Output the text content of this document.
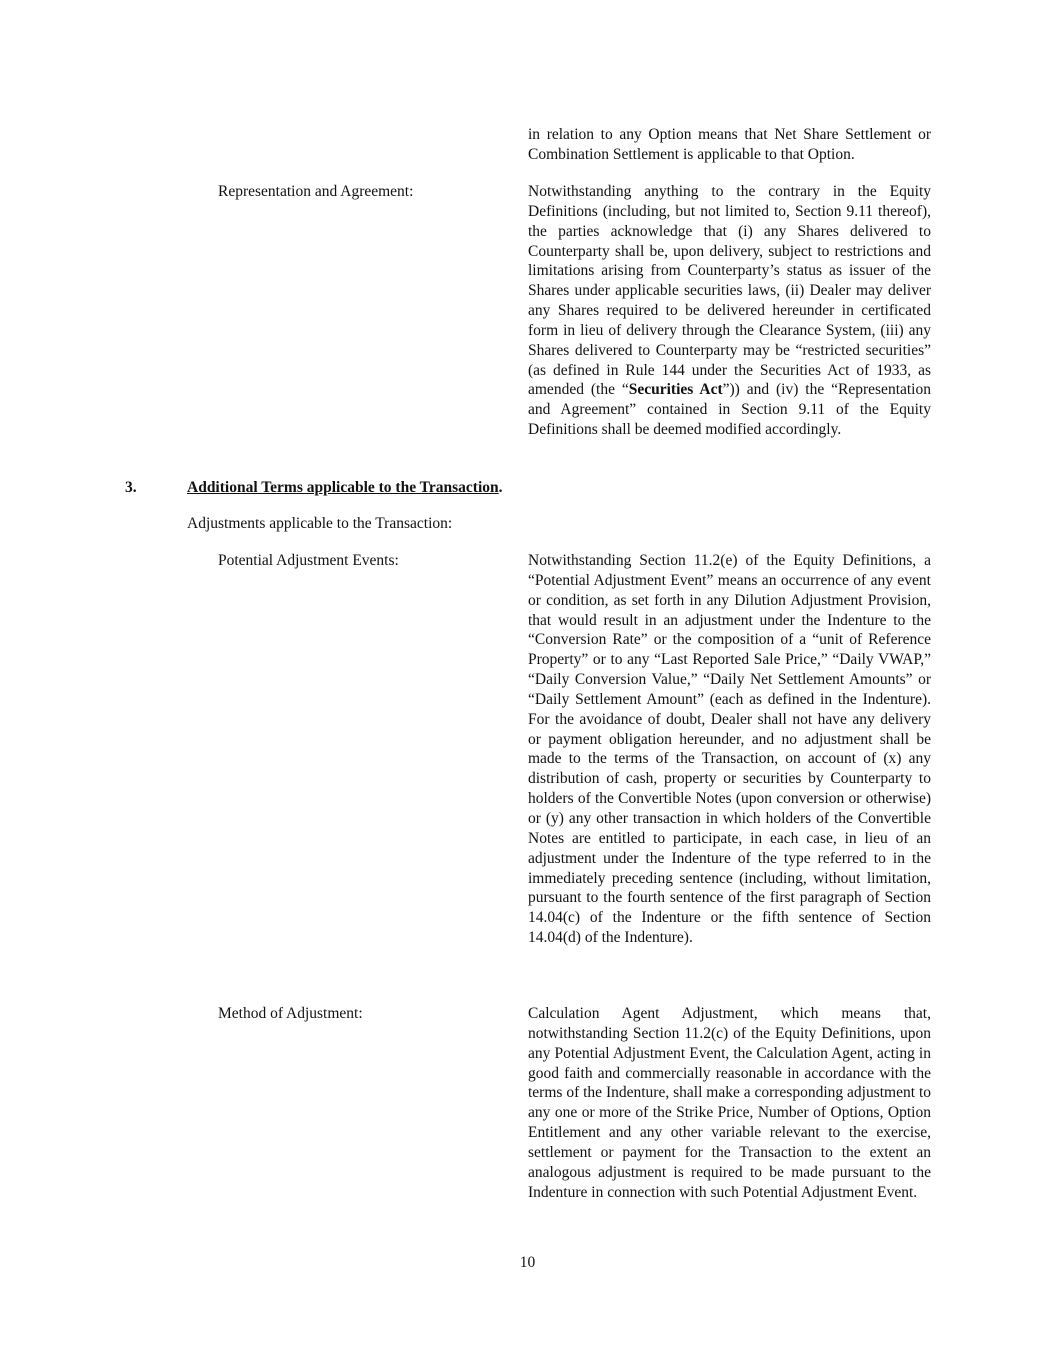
in relation to any Option means that Net Share Settlement or Combination Settlement is applicable to that Option.

Representation and Agreement:	Notwithstanding anything to the contrary in the Equity Definitions (including, but not limited to, Section 9.11 thereof), the parties acknowledge that (i) any Shares delivered to Counterparty shall be, upon delivery, subject to restrictions and limitations arising from Counterparty’s status as issuer of the Shares under applicable securities laws, (ii) Dealer may deliver any Shares required to be delivered hereunder in certificated form in lieu of delivery through the Clearance System, (iii) any Shares delivered to Counterparty may be “restricted securities” (as defined in Rule 144 under the Securities Act of 1933, as amended (the “Securities Act”)) and (iv) the “Representation and Agreement” contained in Section 9.11 of the Equity Definitions shall be deemed modified accordingly.

3.	Additional Terms applicable to the Transaction.

Adjustments applicable to the Transaction:

Potential Adjustment Events:	Notwithstanding Section 11.2(e) of the Equity Definitions, a “Potential Adjustment Event” means an occurrence of any event or condition, as set forth in any Dilution Adjustment Provision, that would result in an adjustment under the Indenture to the “Conversion Rate” or the composition of a “unit of Reference Property” or to any “Last Reported Sale Price,” “Daily VWAP,” “Daily Conversion Value,” “Daily Net Settlement Amounts” or “Daily Settlement Amount” (each as defined in the Indenture). For the avoidance of doubt, Dealer shall not have any delivery or payment obligation hereunder, and no adjustment shall be made to the terms of the Transaction, on account of (x) any distribution of cash, property or securities by Counterparty to holders of the Convertible Notes (upon conversion or otherwise) or (y) any other transaction in which holders of the Convertible Notes are entitled to participate, in each case, in lieu of an adjustment under the Indenture of the type referred to in the immediately preceding sentence (including, without limitation, pursuant to the fourth sentence of the first paragraph of Section 14.04(c) of the Indenture or the fifth sentence of Section 14.04(d) of the Indenture).

Method of Adjustment:	Calculation Agent Adjustment, which means that, notwithstanding Section 11.2(c) of the Equity Definitions, upon any Potential Adjustment Event, the Calculation Agent, acting in good faith and commercially reasonable in accordance with the terms of the Indenture, shall make a corresponding adjustment to any one or more of the Strike Price, Number of Options, Option Entitlement and any other variable relevant to the exercise, settlement or payment for the Transaction to the extent an analogous adjustment is required to be made pursuant to the Indenture in connection with such Potential Adjustment Event.

10
